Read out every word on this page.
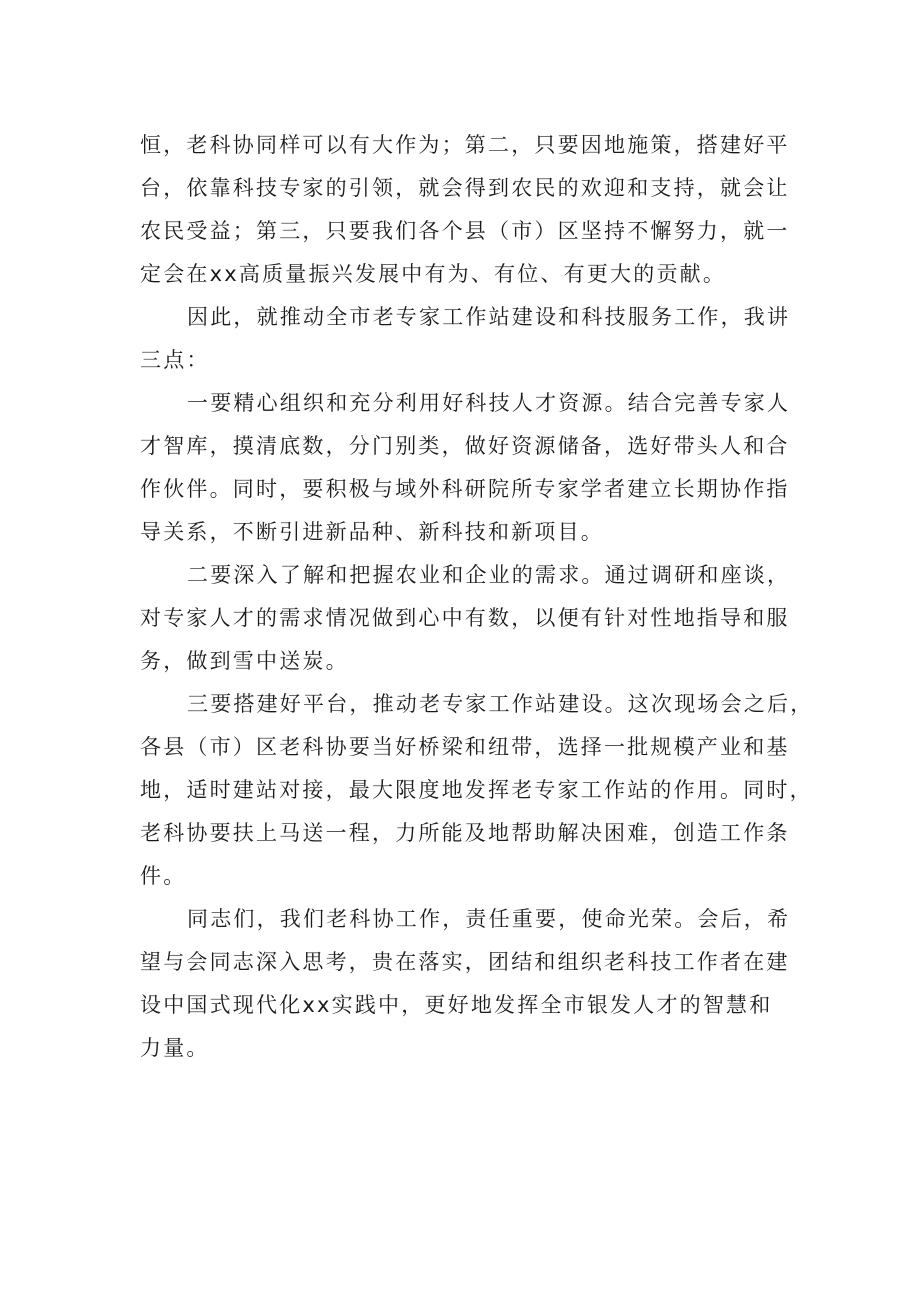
恒，老科协同样可以有大作为；第二，只要因地施策，搭建好平
台，依靠科技专家的引领，就会得到农民的欢迎和支持，就会让
农民受益；第三，只要我们各个县（市）区坚持不懈努力，就一
定会在xx高质量振兴发展中有为、有位、有更大的贡献。

因此，就推动全市老专家工作站建设和科技服务工作，我讲
三点：

一要精心组织和充分利用好科技人才资源。结合完善专家人
才智库，摸清底数，分门别类，做好资源储备，选好带头人和合
作伙伴。同时，要积极与域外科研院所专家学者建立长期协作指
导关系，不断引进新品种、新科技和新项目。

二要深入了解和把握农业和企业的需求。通过调研和座谈，
对专家人才的需求情况做到心中有数，以便有针对性地指导和服
务，做到雪中送炭。

三要搭建好平台，推动老专家工作站建设。这次现场会之后，
各县（市）区老科协要当好桥梁和纽带，选择一批规模产业和基
地，适时建站对接，最大限度地发挥老专家工作站的作用。同时，
老科协要扶上马送一程，力所能及地帮助解决困难，创造工作条
件。

同志们，我们老科协工作，责任重要，使命光荣。会后，希
望与会同志深入思考，贵在落实，团结和组织老科技工作者在建
设中国式现代化xx实践中，更好地发挥全市银发人才的智慧和
力量。
